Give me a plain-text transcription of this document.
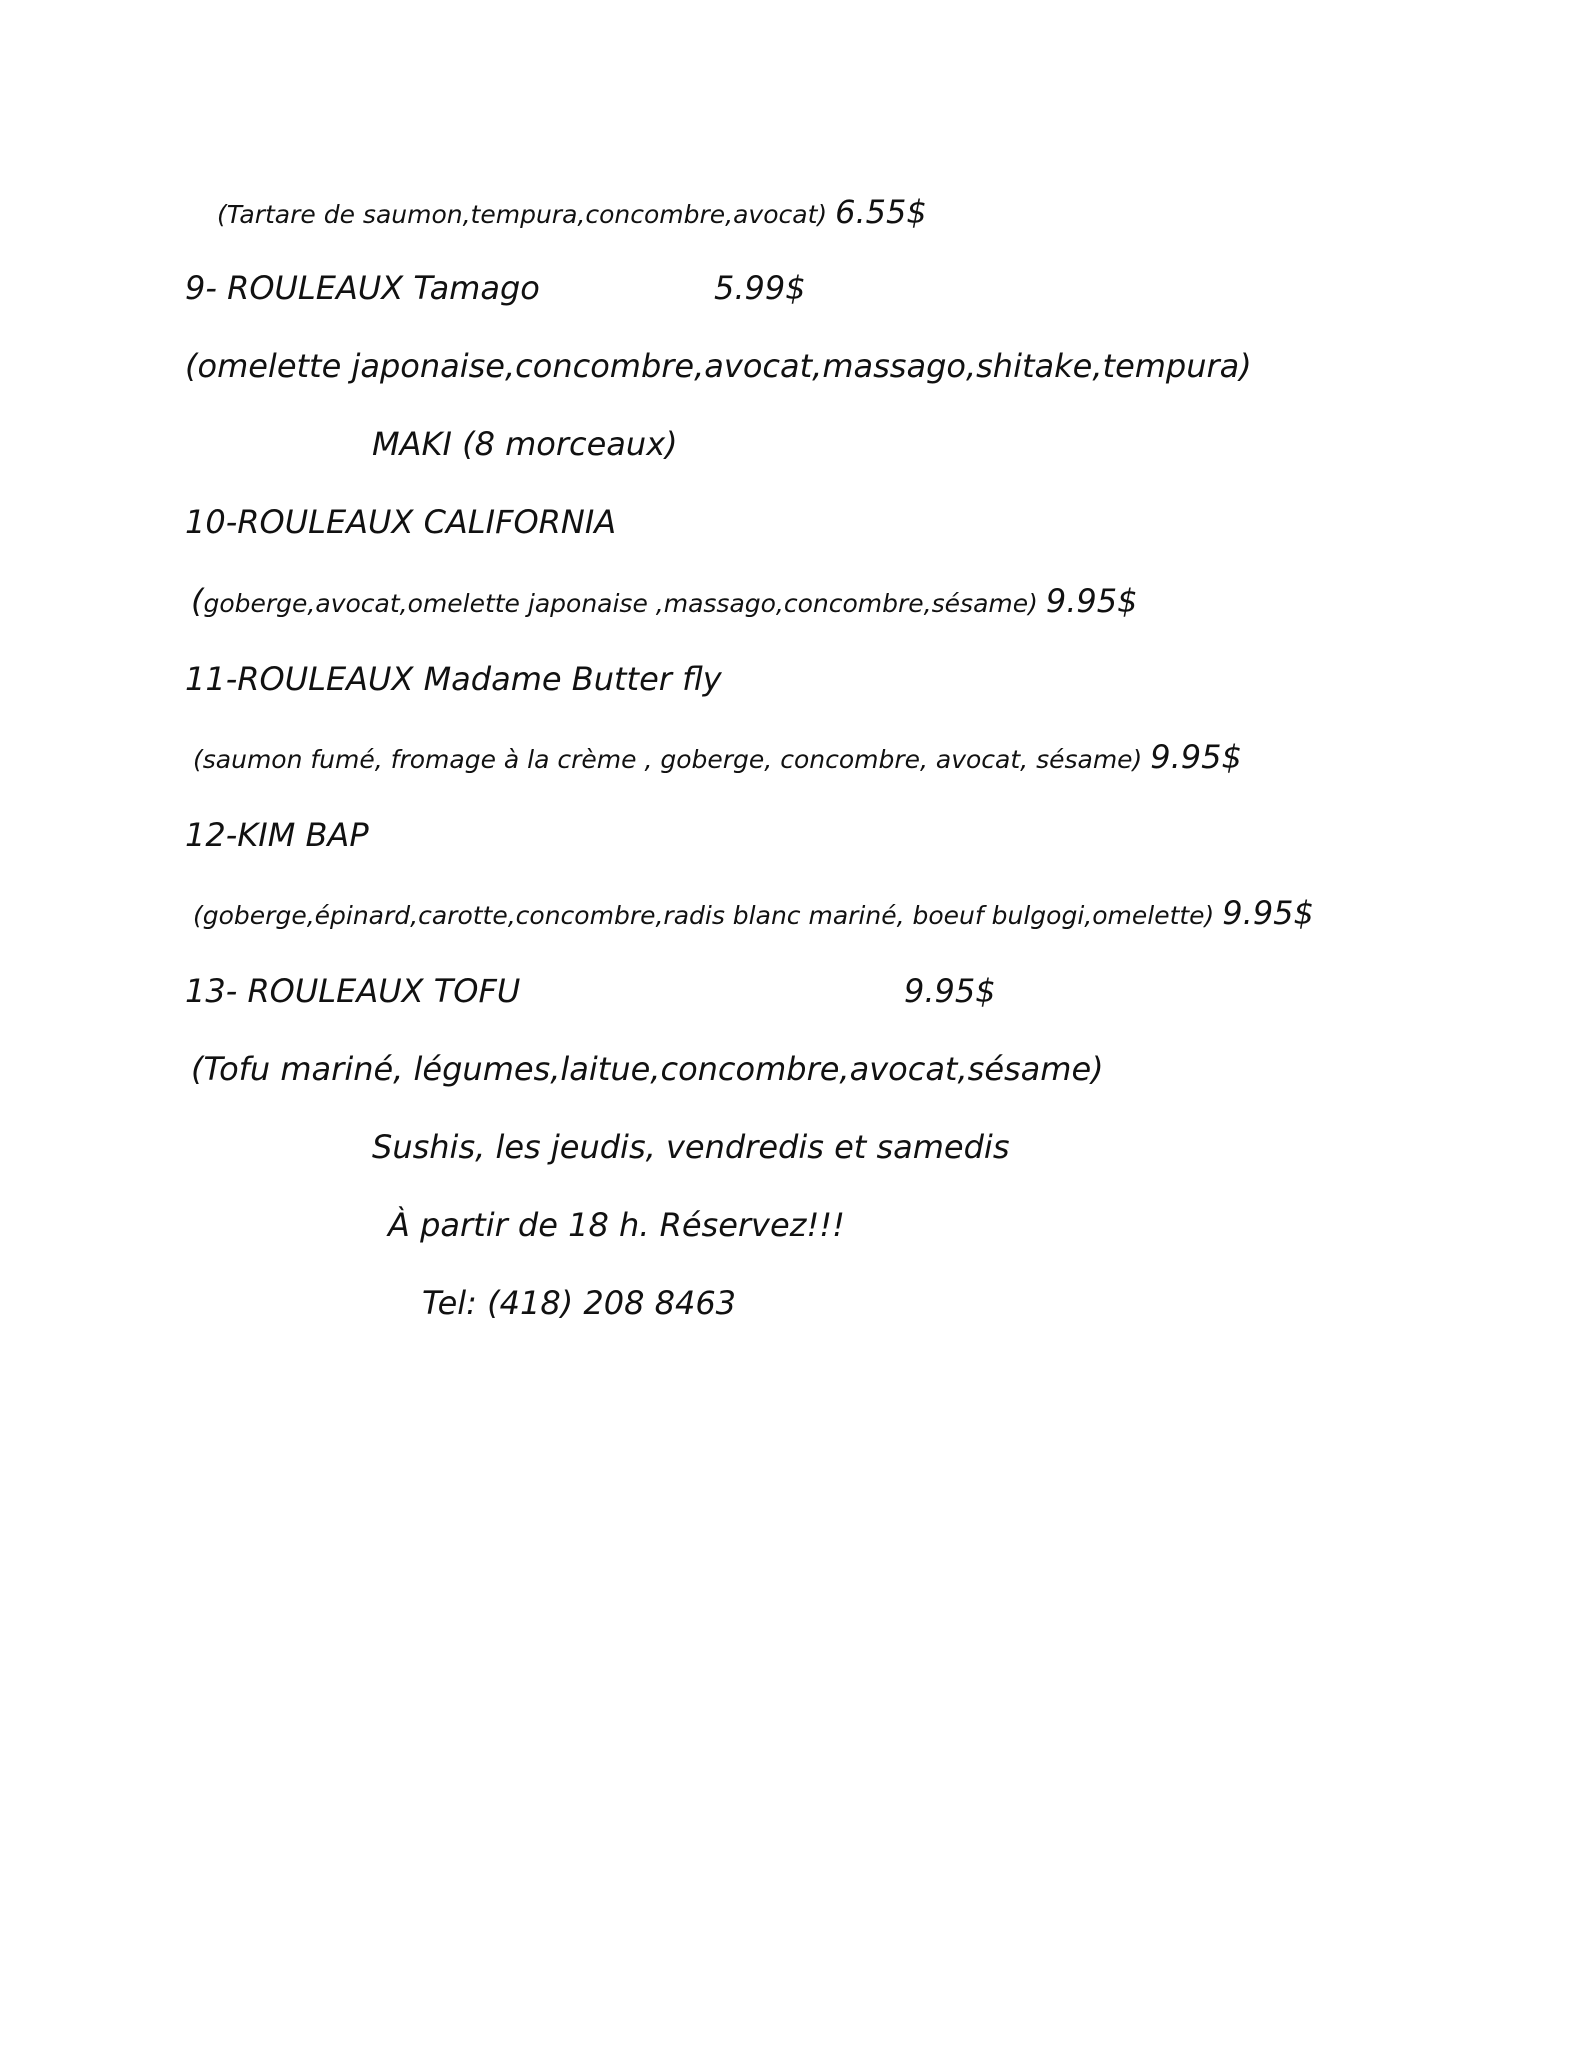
(Tartare de saumon,tempura,concombre,avocat) 6.55$
9- ROULEAUX Tamago	5.99$
(omelette japonaise,concombre,avocat,massago,shitake,tempura)
MAKI (8 morceaux)
10-ROULEAUX CALIFORNIA
(goberge,avocat,omelette japonaise ,massago,concombre,sésame) 9.95$
11-ROULEAUX Madame Butter fly
(saumon fumé, fromage à la crème , goberge, concombre, avocat, sésame) 9.95$
12-KIM BAP
(goberge,épinard,carotte,concombre,radis blanc mariné, boeuf bulgogi,omelette) 9.95$
13- ROULEAUX TOFU	9.95$
(Tofu mariné, légumes,laitue,concombre,avocat,sésame)
Sushis, les jeudis, vendredis et samedis
À partir de 18 h. Réservez!!!
Tel: (418) 208 8463
